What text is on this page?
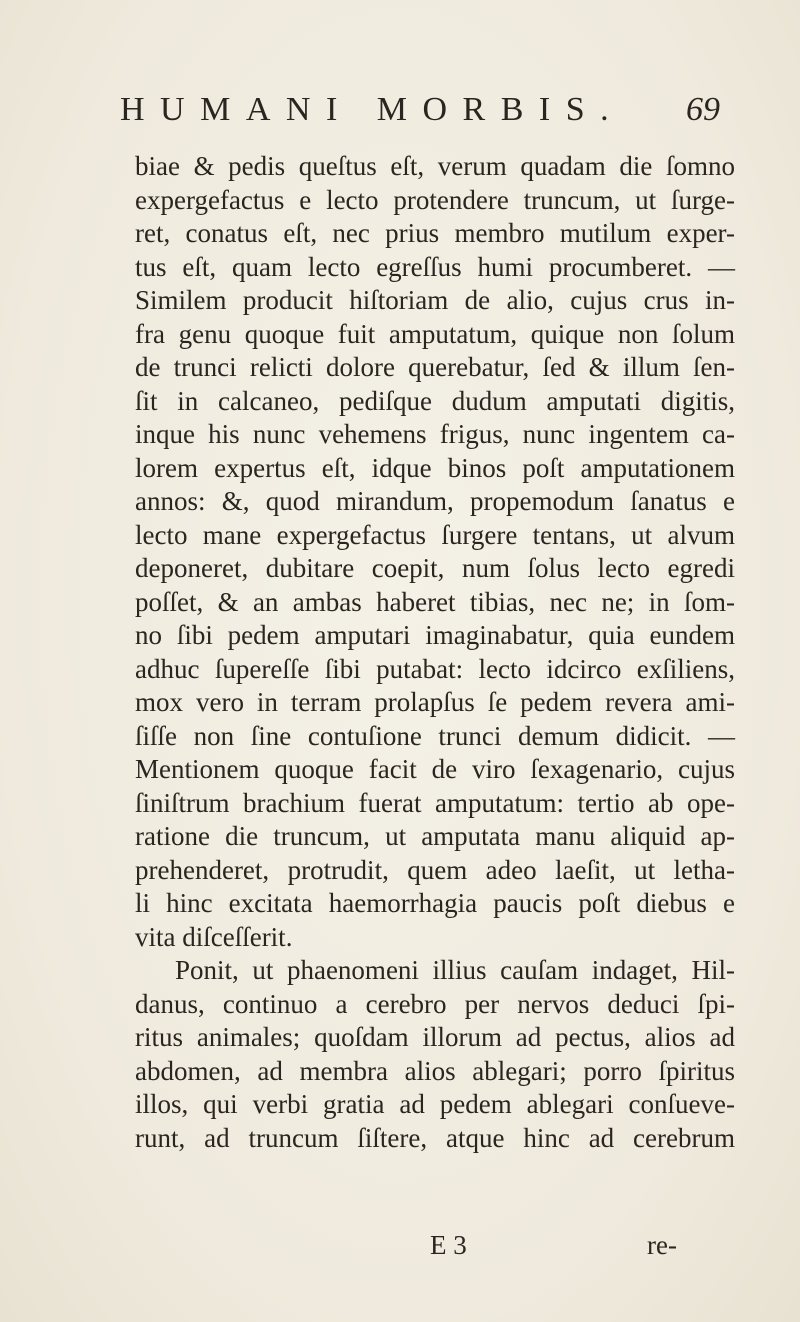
HUMANI MORBIS. 69
biae & pedis queſtus eſt, verum quadam die ſomno
expergefactus e lecto protendere truncum, ut ſurge-
ret, conatus eſt, nec prius membro mutilum exper-
tus eſt, quam lecto egreſſus humi procumberet. —
Similem producit hiſtoriam de alio, cujus crus in-
fra genu quoque fuit amputatum, quique non ſolum
de trunci relicti dolore querebatur, ſed & illum ſen-
ſit in calcaneo, pediſque dudum amputati digitis,
inque his nunc vehemens frigus, nunc ingentem ca-
lorem expertus eſt, idque binos poſt amputationem
annos: &, quod mirandum, propemodum ſanatus e
lecto mane expergefactus ſurgere tentans, ut alvum
deponeret, dubitare coepit, num ſolus lecto egredi
poſſet, & an ambas haberet tibias, nec ne; in ſom-
no ſibi pedem amputari imaginabatur, quia eundem
adhuc ſupereſſe ſibi putabat: lecto idcirco exſiliens,
mox vero in terram prolapſus ſe pedem revera ami-
ſiſſe non ſine contuſione trunci demum didicit. —
Mentionem quoque facit de viro ſexagenario, cujus
ſiniſtrum brachium fuerat amputatum: tertio ab ope-
ratione die truncum, ut amputata manu aliquid ap-
prehenderet, protrudit, quem adeo laeſit, ut letha-
li hinc excitata haemorrhagia paucis poſt diebus e
vita diſceſſerit.
Ponit, ut phaenomeni illius cauſam indaget, Hil-
danus, continuo a cerebro per nervos deduci ſpi-
ritus animales; quoſdam illorum ad pectus, alios ad
abdomen, ad membra alios ablegari; porro ſpiritus
illos, qui verbi gratia ad pedem ablegari conſueve-
runt, ad truncum ſiſtere, atque hinc ad cerebrum
E 3	re-
